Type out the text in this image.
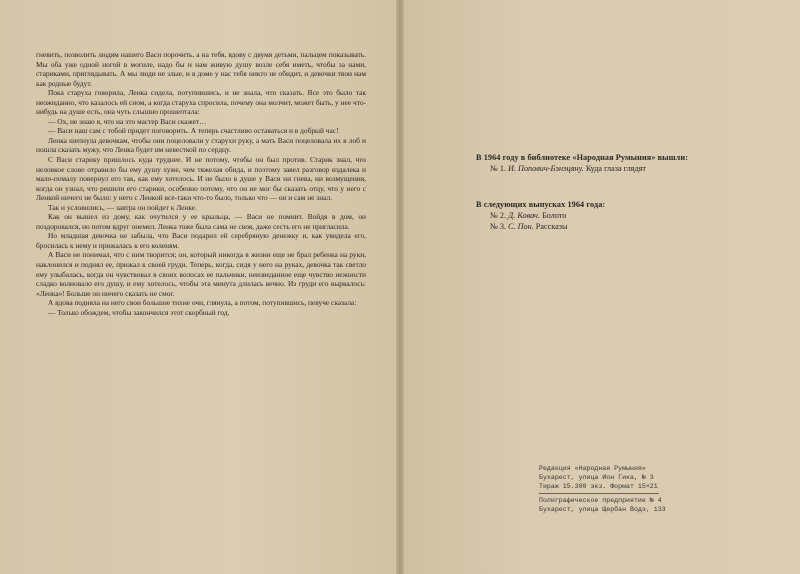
гневить, позволить людям нашего Васи порочить, а на тебя, вдову с двумя детьми, пальцем показывать. Мы оба уже одной ногой в могиле, надо бы и нам живую душу возле себя иметь, чтобы за нами, стариками, приглядывать. А мы люди не злые, и в доме у нас тебя никто не обидит, и девочки твои нам как родные будут.

Пока старуха говорила, Ленка сидела, потупившись, и не знала, что сказать. Все это было так неожиданно, что казалось ей сном, а когда старуха спросила, почему она молчит, может быть, у нее что-нибудь на душе есть, она чуть слышно прошептала:

— Ох, не знаю я, что на это мастер Васи скажет…

— Васи наш сам с тобой придет поговорить. А теперь счастливо оставаться и в добрый час!

Ленка шепнула девочкам, чтобы они поцеловали у старухи руку, а мать Васи поцеловала их в лоб и пошла сказать мужу, что Ленка будет им невесткой по сердцу.

С Васи старику пришлось куда труднее. И не потому, чтобы он был против. Старик знал, что неловкое слово отравило бы ему душу хуже, чем тяжелая обида, и поэтому завел разговор издалека и мало-помалу повернул его так, как ему хотелось. И не было в душе у Васи ни гнева, ни возмущения, когда он узнал, что решили его старики, особенно потому, что он не мог бы сказать отцу, что у него с Ленкой ничего не было: у него с Ленкой все-таки что-то было, только что — он и сам не знал.

Так и условились, — завтра он пойдет к Ленке.

Как он вышел из дому, как очутился у ее крыльца, — Васи не помнит. Войдя в дом, он поздоровался, но потом вдруг онемел. Ленка тоже была сама не своя, даже сесть его не пригласила.

Но младшая девочка не забыла, что Васи подарил ей серебряную денежку и, как увидела его, бросилась к нему и прижалась к его коленям.

А Васи не понимал, что с ним творится; он, который никогда в жизни еще не брал ребенка на руки, наклонился и поднял ее, прижал к своей груди. Теперь, когда, сидя у него на руках, девочка так светло ему улыбалась, когда он чувствовал в своих волосах ее пальчики, неизведанное еще чувство нежности сладко волновало его душу, и ему хотелось, чтобы эта минута длилась вечно. Из груди его вырвалось: «Ленка»! Больше он ничего сказать не смог.

А вдова подняла на него свои большие тихие очи, глянула, а потом, потупившись, певуче сказала:

— Только обождем, чтобы закончился этот скорбный год.

В 1964 году в библиотеке «Народная Румыния» вышли:
№ 1. И. Попович-Бэнэцяну. Куда глаза глядят
В следующих выпусках 1964 года:
№ 2. Д. Ковач. Болото
№ 3. С. Пон. Рассказы
Редакция «Народная Румыния»
Бухарест, улица Ион Гика, № 3
Тираж 15.300 экз. Формат 15×21
Полиграфическое предприятие № 4
Бухарест, улица Щербан Водэ, 133
